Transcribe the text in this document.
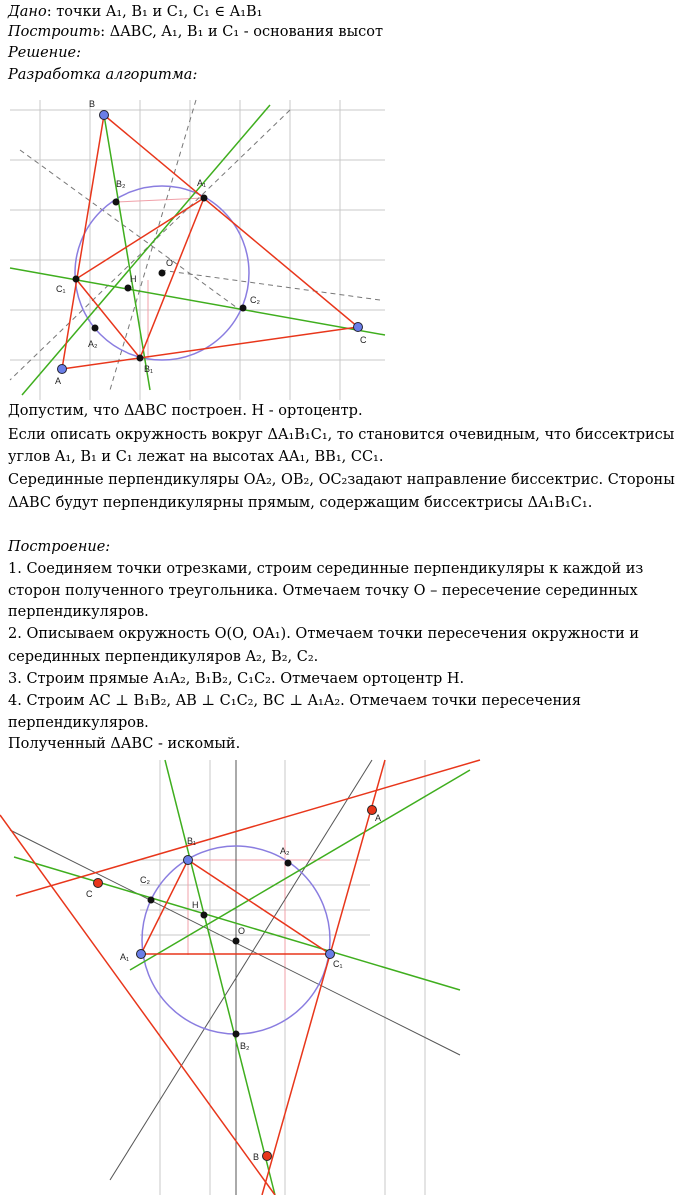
Дано: точки A₁, B₁ и C₁, C₁ ∈ A₁B₁
Построить: ΔABC, A₁, B₁ и C₁ - основания высот
Решение:
Разработка алгоритма:
B
C
A
A₁
C₁
B₁
B₂
A₂
C₂
H
O
Допустим, что ΔABC построен. H - ортоцентр.
Если описать окружность вокруг ΔA₁B₁C₁, то становится очевидным, что биссектрисы
углов A₁, B₁ и C₁ лежат на высотах AA₁, BB₁, CC₁.
Серединные перпендикуляры OA₂, OB₂, OC₂задают направление биссектрис. Стороны
ΔABC будут перпендикулярны прямым, содержащим биссектрисы ΔA₁B₁C₁.
Построение:
1. Соединяем точки отрезками, строим серединные перпендикуляры к каждой из
сторон полученного треугольника. Отмечаем точку O – пересечение серединных
перпендикуляров.
2. Описываем окружность O(O, OA₁). Отмечаем точки пересечения окружности и
серединных перпендикуляров A₂, B₂, C₂.
3. Строим прямые A₁A₂, B₁B₂, C₁C₂. Отмечаем ортоцентр H.
4. Строим AC ⊥ B₁B₂, AB ⊥ C₁C₂, BC ⊥ A₁A₂. Отмечаем точки пересечения
перпендикуляров.
Полученный ΔABC - искомый.
A
C
B
A₁
B₁
C₁
A₂
C₂
B₂
H
O
